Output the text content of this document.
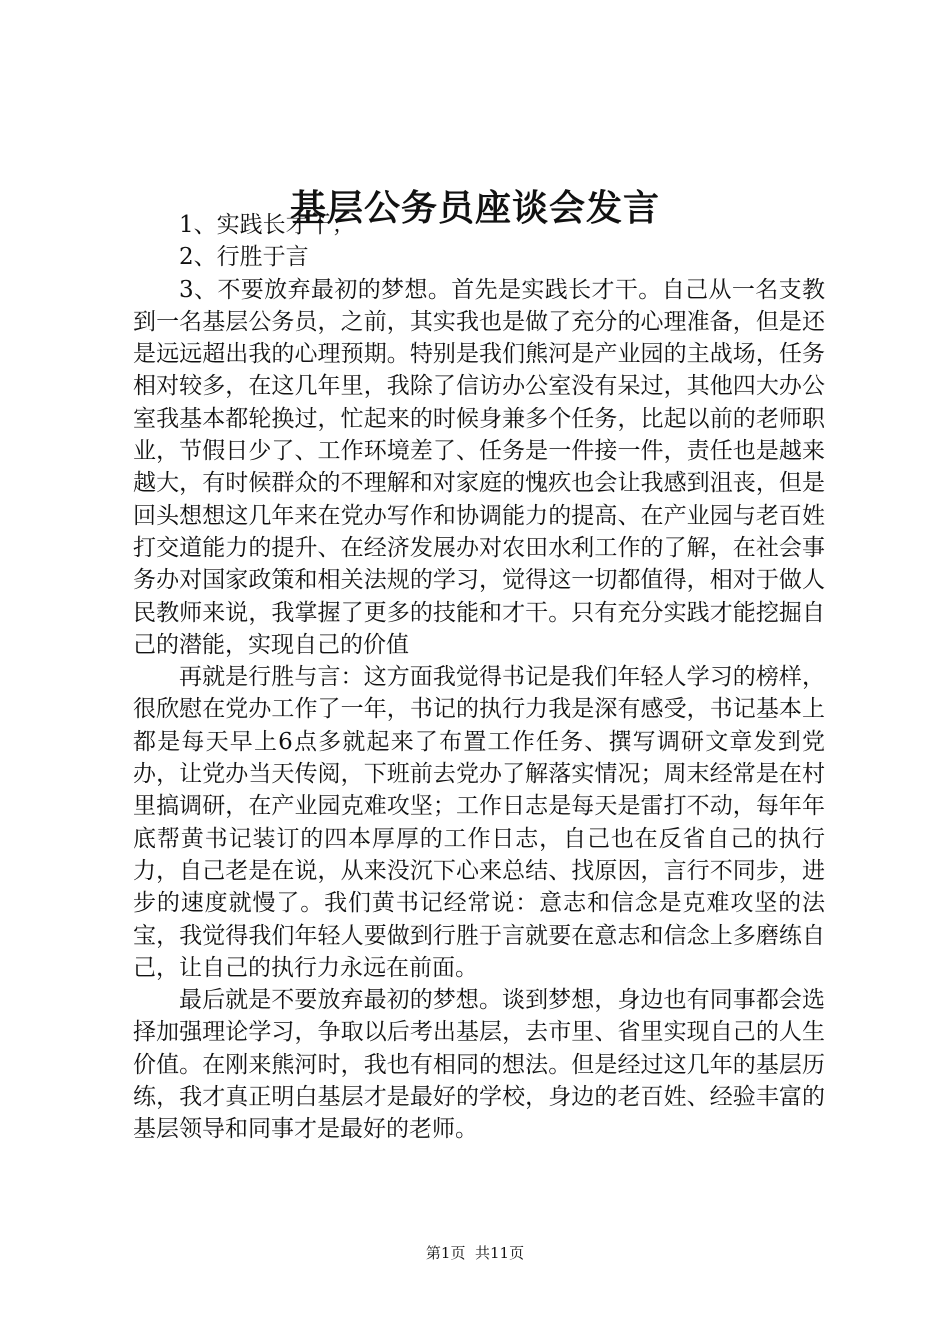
基层公务员座谈会发言

1、实践长才干；

2、行胜于言

3、不要放弃最初的梦想。首先是实践长才干。自己从一名支教到一名基层公务员，之前，其实我也是做了充分的心理准备，但是还是远远超出我的心理预期。特别是我们熊河是产业园的主战场，任务相对较多，在这几年里，我除了信访办公室没有呆过，其他四大办公室我基本都轮换过，忙起来的时候身兼多个任务，比起以前的老师职业，节假日少了、工作环境差了、任务是一件接一件，责任也是越来越大，有时候群众的不理解和对家庭的愧疚也会让我感到沮丧，但是回头想想这几年来在党办写作和协调能力的提高、在产业园与老百姓打交道能力的提升、在经济发展办对农田水利工作的了解，在社会事务办对国家政策和相关法规的学习，觉得这一切都值得，相对于做人民教师来说，我掌握了更多的技能和才干。只有充分实践才能挖掘自己的潜能，实现自己的价值

再就是行胜与言：这方面我觉得书记是我们年轻人学习的榜样，很欣慰在党办工作了一年，书记的执行力我是深有感受，书记基本上都是每天早上6点多就起来了布置工作任务、撰写调研文章发到党办，让党办当天传阅，下班前去党办了解落实情况；周末经常是在村里搞调研，在产业园克难攻坚；工作日志是每天是雷打不动，每年年底帮黄书记装订的四本厚厚的工作日志，自己也在反省自己的执行力，自己老是在说，从来没沉下心来总结、找原因，言行不同步，进步的速度就慢了。我们黄书记经常说：意志和信念是克难攻坚的法宝，我觉得我们年轻人要做到行胜于言就要在意志和信念上多磨练自己，让自己的执行力永远在前面。

最后就是不要放弃最初的梦想。谈到梦想，身边也有同事都会选择加强理论学习，争取以后考出基层，去市里、省里实现自己的人生价值。在刚来熊河时，我也有相同的想法。但是经过这几年的基层历练，我才真正明白基层才是最好的学校，身边的老百姓、经验丰富的基层领导和同事才是最好的老师。

第1页 共11页
